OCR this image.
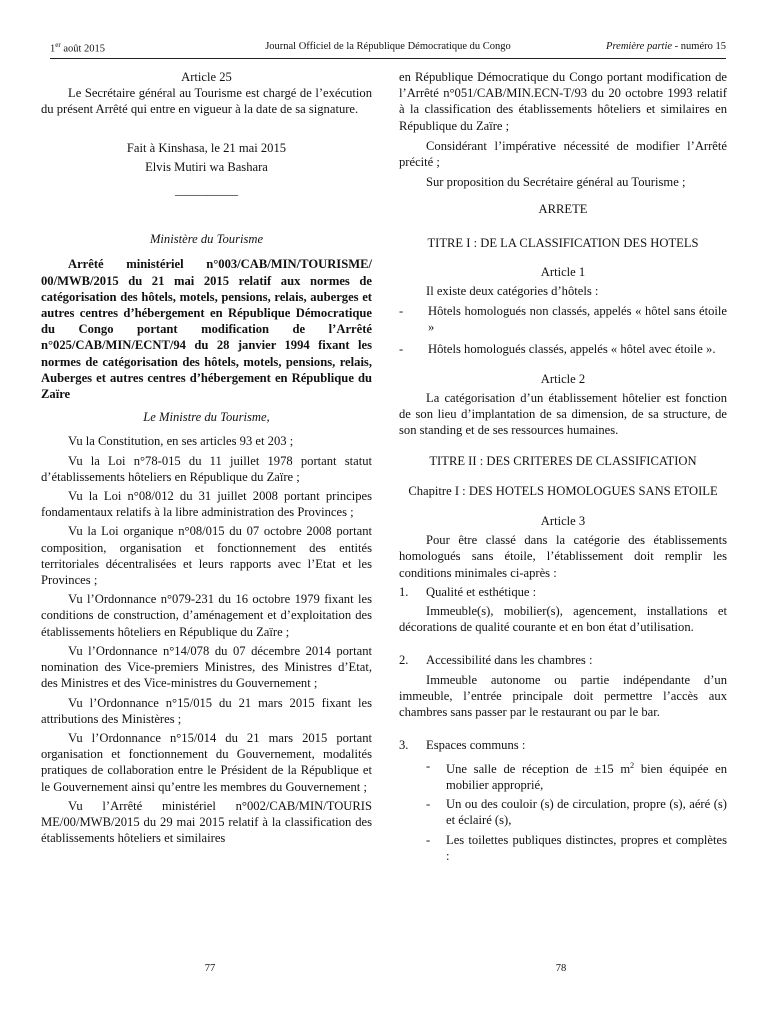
1er août 2015	Journal Officiel de la République Démocratique du Congo	Première partie - numéro 15

Article 25

Le Secrétaire général au Tourisme est chargé de l’exécution du présent Arrêté qui entre en vigueur à la date de sa signature.

Fait à Kinshasa, le 21 mai 2015

Elvis Mutiri wa Bashara

__________

Ministère du Tourisme

Arrêté ministériel n°003/CAB/MIN/TOURISME/ 00/MWB/2015 du 21 mai 2015 relatif aux normes de catégorisation des hôtels, motels, pensions, relais, auberges et autres centres d’hébergement en République Démocratique du Congo portant modification de l’Arrêté n°025/CAB/MIN/ECNT/94 du 28 janvier 1994 fixant les normes de catégorisation des hôtels, motels, pensions, relais, Auberges et autres centres d’hébergement en République du Zaïre

Le Ministre du Tourisme,

Vu la Constitution, en ses articles 93 et 203 ;

Vu la Loi n°78-015 du 11 juillet 1978 portant statut d’établissements hôteliers en République du Zaïre ;

Vu la Loi n°08/012 du 31 juillet 2008 portant principes fondamentaux relatifs à la libre administration des Provinces ;

Vu la Loi organique n°08/015 du 07 octobre 2008 portant composition, organisation et fonctionnement des entités territoriales décentralisées et leurs rapports avec l’Etat et les Provinces ;

Vu l’Ordonnance n°079-231 du 16 octobre 1979 fixant les conditions de construction, d’aménagement et d’exploitation des établissements hôteliers en République du Zaïre ;

Vu l’Ordonnance n°14/078 du 07 décembre 2014 portant nomination des Vice-premiers Ministres, des Ministres d’Etat, des Ministres et des Vice-ministres du Gouvernement ;

Vu l’Ordonnance n°15/015 du 21 mars 2015 fixant les attributions des Ministères ;

Vu l’Ordonnance n°15/014 du 21 mars 2015 portant organisation et fonctionnement du Gouvernement, modalités pratiques de collaboration entre le Président de la République et le Gouvernement ainsi qu’entre les membres du Gouvernement ;

Vu l’Arrêté ministériel n°002/CAB/MIN/TOURIS ME/00/MWB/2015 du 29 mai 2015 relatif à la classification des établissements hôteliers et similaires

en République Démocratique du Congo portant modification de l’Arrêté n°051/CAB/MIN.ECN-T/93 du 20 octobre 1993 relatif à la classification des établissements hôteliers et similaires en République du Zaïre ;

Considérant l’impérative nécessité de modifier l’Arrêté précité ;

Sur proposition du Secrétaire général au Tourisme ;

ARRETE

TITRE I : DE LA CLASSIFICATION DES HOTELS

Article 1

Il existe deux catégories d’hôtels :

-	Hôtels homologués non classés, appelés « hôtel sans étoile »
-	Hôtels homologués classés, appelés « hôtel avec étoile ».

Article 2

La catégorisation d’un établissement hôtelier est fonction de son lieu d’implantation de sa dimension, de sa structure, de son standing et de ses ressources humaines.

TITRE II : DES CRITERES DE CLASSIFICATION

Chapitre I : DES HOTELS HOMOLOGUES SANS ETOILE

Article 3

Pour être classé dans la catégorie des établissements homologués sans étoile, l’établissement doit remplir les conditions minimales ci-après :

1.	Qualité et esthétique :

Immeuble(s), mobilier(s), agencement, installations et décorations de qualité courante et en bon état d’utilisation.

2.	Accessibilité dans les chambres :

Immeuble autonome ou partie indépendante d’un immeuble, l’entrée principale doit permettre l’accès aux chambres sans passer par le restaurant ou par le bar.

3.	Espaces communs :
-	Une salle de réception de ±15 $m^2$ bien équipée en mobilier approprié,
-	Un ou des couloir (s) de circulation, propre (s), aéré (s) et éclairé (s),
-	Les toilettes publiques distinctes, propres et complètes :
77	78
